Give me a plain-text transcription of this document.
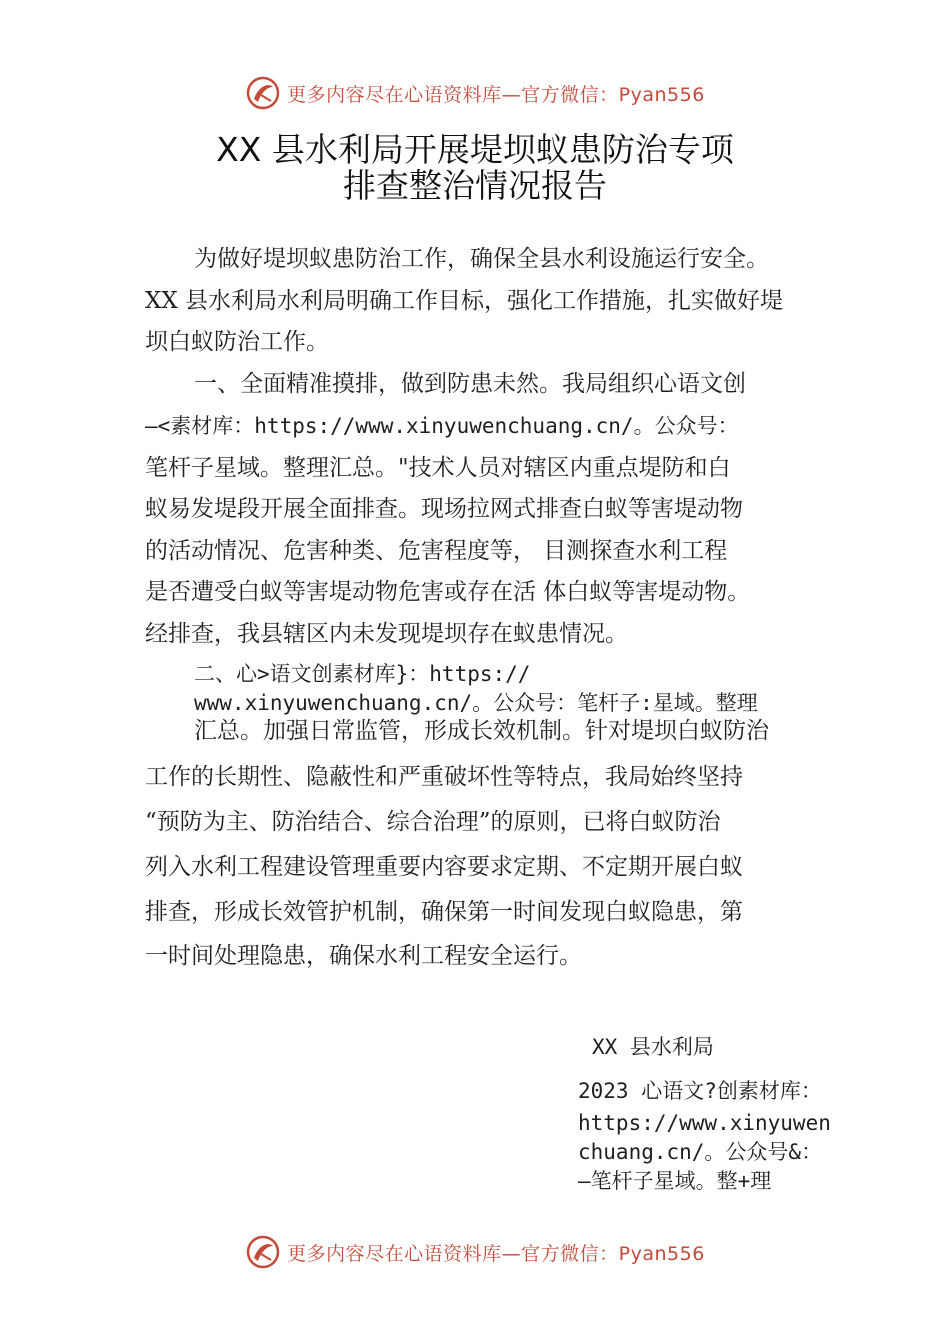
更多内容尽在心语资料库—官方微信：Pyan556
XX 县水利局开展堤坝蚁患防治专项
排查整治情况报告
为做好堤坝蚁患防治工作，确保全县水利设施运行安全。
XX 县水利局水利局明确工作目标，强化工作措施，扎实做好堤
坝白蚁防治工作。
一、全面精准摸排，做到防患未然。我局组织心语文创
—<素材库：https://www.xinyuwenchuang.cn/。公众号：
笔杆子星域。整理汇总。"技术人员对辖区内重点堤防和白
蚁易发堤段开展全面排查。现场拉网式排查白蚁等害堤动物
的活动情况、危害种类、危害程度等， 目测探查水利工程
是否遭受白蚁等害堤动物危害或存在活 体白蚁等害堤动物。
经排查，我县辖区内未发现堤坝存在蚁患情况。
二、心>语文创素材库}：https://
www.xinyuwenchuang.cn/。公众号：笔杆子:星域。整理
汇总。加强日常监管，形成长效机制。针对堤坝白蚁防治
工作的长期性、隐蔽性和严重破坏性等特点，我局始终坚持
“预防为主、防治结合、综合治理”的原则，已将白蚁防治
列入水利工程建设管理重要内容要求定期、不定期开展白蚁
排查，形成长效管护机制，确保第一时间发现白蚁隐患，第
一时间处理隐患，确保水利工程安全运行。
XX 县水利局
2023 心语文?创素材库：
https://www.xinyuwen
chuang.cn/。公众号&：
—笔杆子星域。整+理
更多内容尽在心语资料库—官方微信：Pyan556
